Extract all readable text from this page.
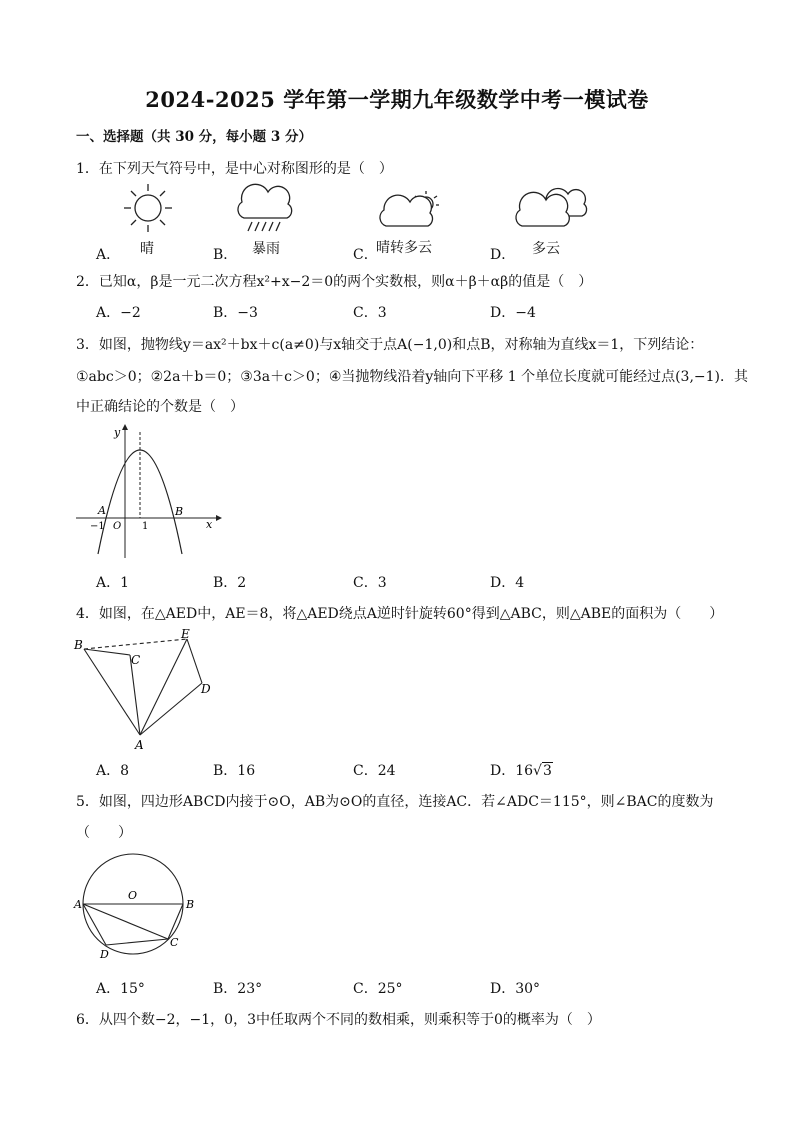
2024-2025 学年第一学期九年级数学中考一模试卷
一、选择题（共 30 分，每小题 3 分）
1．在下列天气符号中，是中心对称图形的是（　）
A． 晴	B． 暴雨	C．
晴转多云	D． 多云
2．已知α，β是一元二次方程x²+x−2＝0的两个实数根，则α＋β＋αβ的值是（　）
A．−2	B．−3	C．3	D．−4
3．如图，抛物线y＝ax²＋bx＋c(a≠0)与x轴交于点A(−1,0)和点B，对称轴为直线x＝1，下列结论：
①abc＞0；②2a＋b＝0；③3a＋c＞0；④当抛物线沿着y轴向下平移 1 个单位长度就可能经过点(3,−1)．其
中正确结论的个数是（　）
y
x
A
−1 O 1
B
A．1	B．2	C．3	D．4
4．如图，在△AED中，AE＝8，将△AED绕点A逆时针旋转60°得到△ABC，则△ABE的面积为（　　）
B
C
E
D
A
A．8	B．16	C．24	D．16√3
5．如图，四边形ABCD内接于⊙O，AB为⊙O的直径，连接AC．若∠ADC＝115°，则∠BAC的度数为
（　　）
A	B
C
D
O
A．15°	B．23°	C．25°	D．30°
6．从四个数−2，−1，0，3中任取两个不同的数相乘，则乘积等于0的概率为（　）
